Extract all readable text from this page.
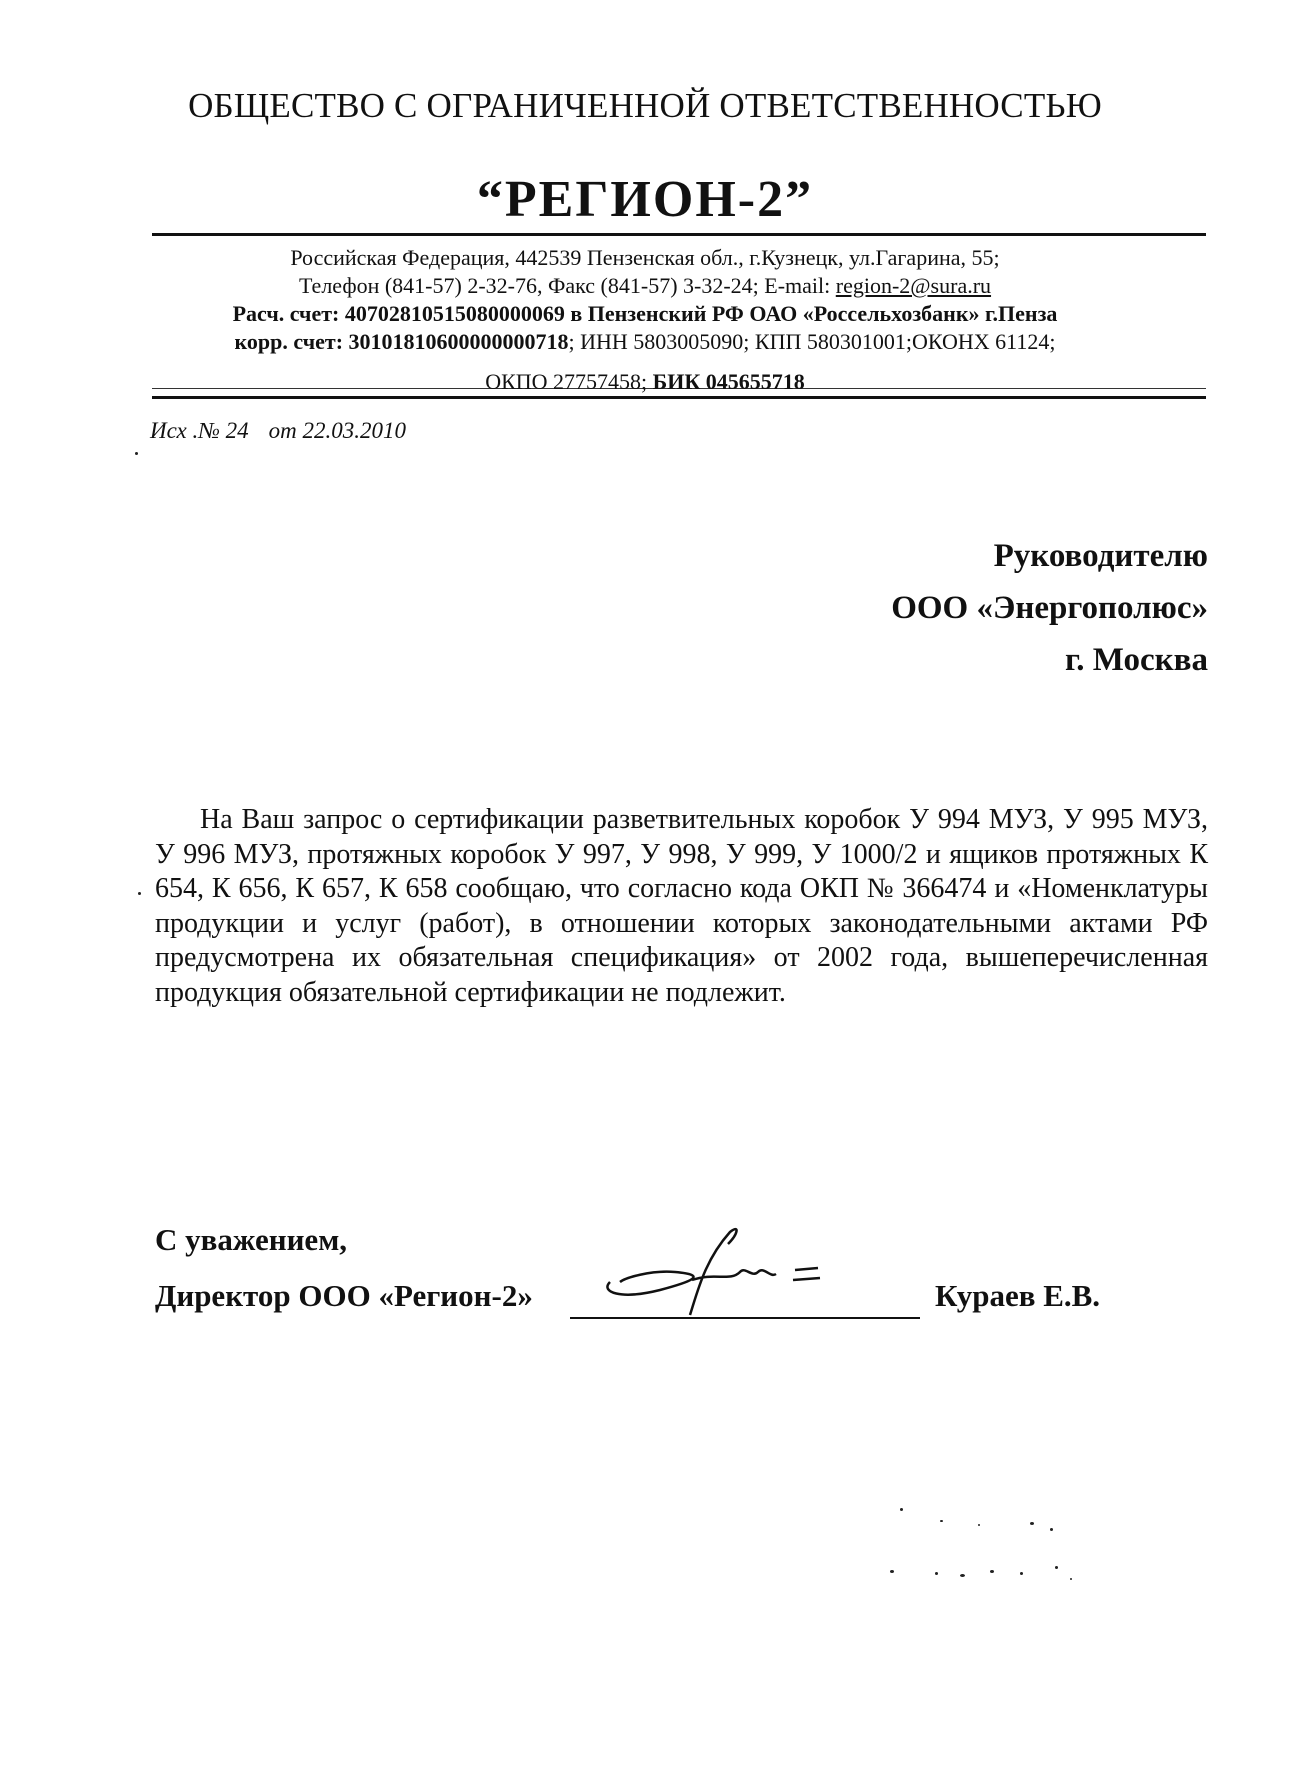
ОБЩЕСТВО С ОГРАНИЧЕННОЙ ОТВЕТСТВЕННОСТЬЮ
“РЕГИОН-2”
Российская Федерация, 442539 Пензенская обл., г.Кузнецк, ул.Гагарина, 55;
Телефон (841-57) 2-32-76, Факс (841-57) 3-32-24; E-mail: region-2@sura.ru
Расч. счет: 40702810515080000069 в Пензенский РФ ОАО «Россельхозбанк» г.Пенза
корр. счет: 30101810600000000718; ИНН 5803005090; КПП 580301001;ОКОНХ 61124;
ОКПО 27757458; БИК 045655718
Исх .№ 24 от 22.03.2010
Руководителю
ООО «Энергополюс»
г. Москва
На Ваш запрос о сертификации разветвительных коробок У 994 МУЗ, У 995 МУЗ, У 996 МУЗ, протяжных коробок У 997, У 998, У 999, У 1000/2 и ящиков протяжных К 654, К 656, К 657, К 658 сообщаю, что согласно кода ОКП № 366474 и «Номенклатуры продукции и услуг (работ), в отношении которых законодательными актами РФ предусмотрена их обязательная спецификация» от 2002 года, вышеперечисленная продукция обязательной сертификации не подлежит.
С уважением,
Директор ООО «Регион-2»	Кураев Е.В.
